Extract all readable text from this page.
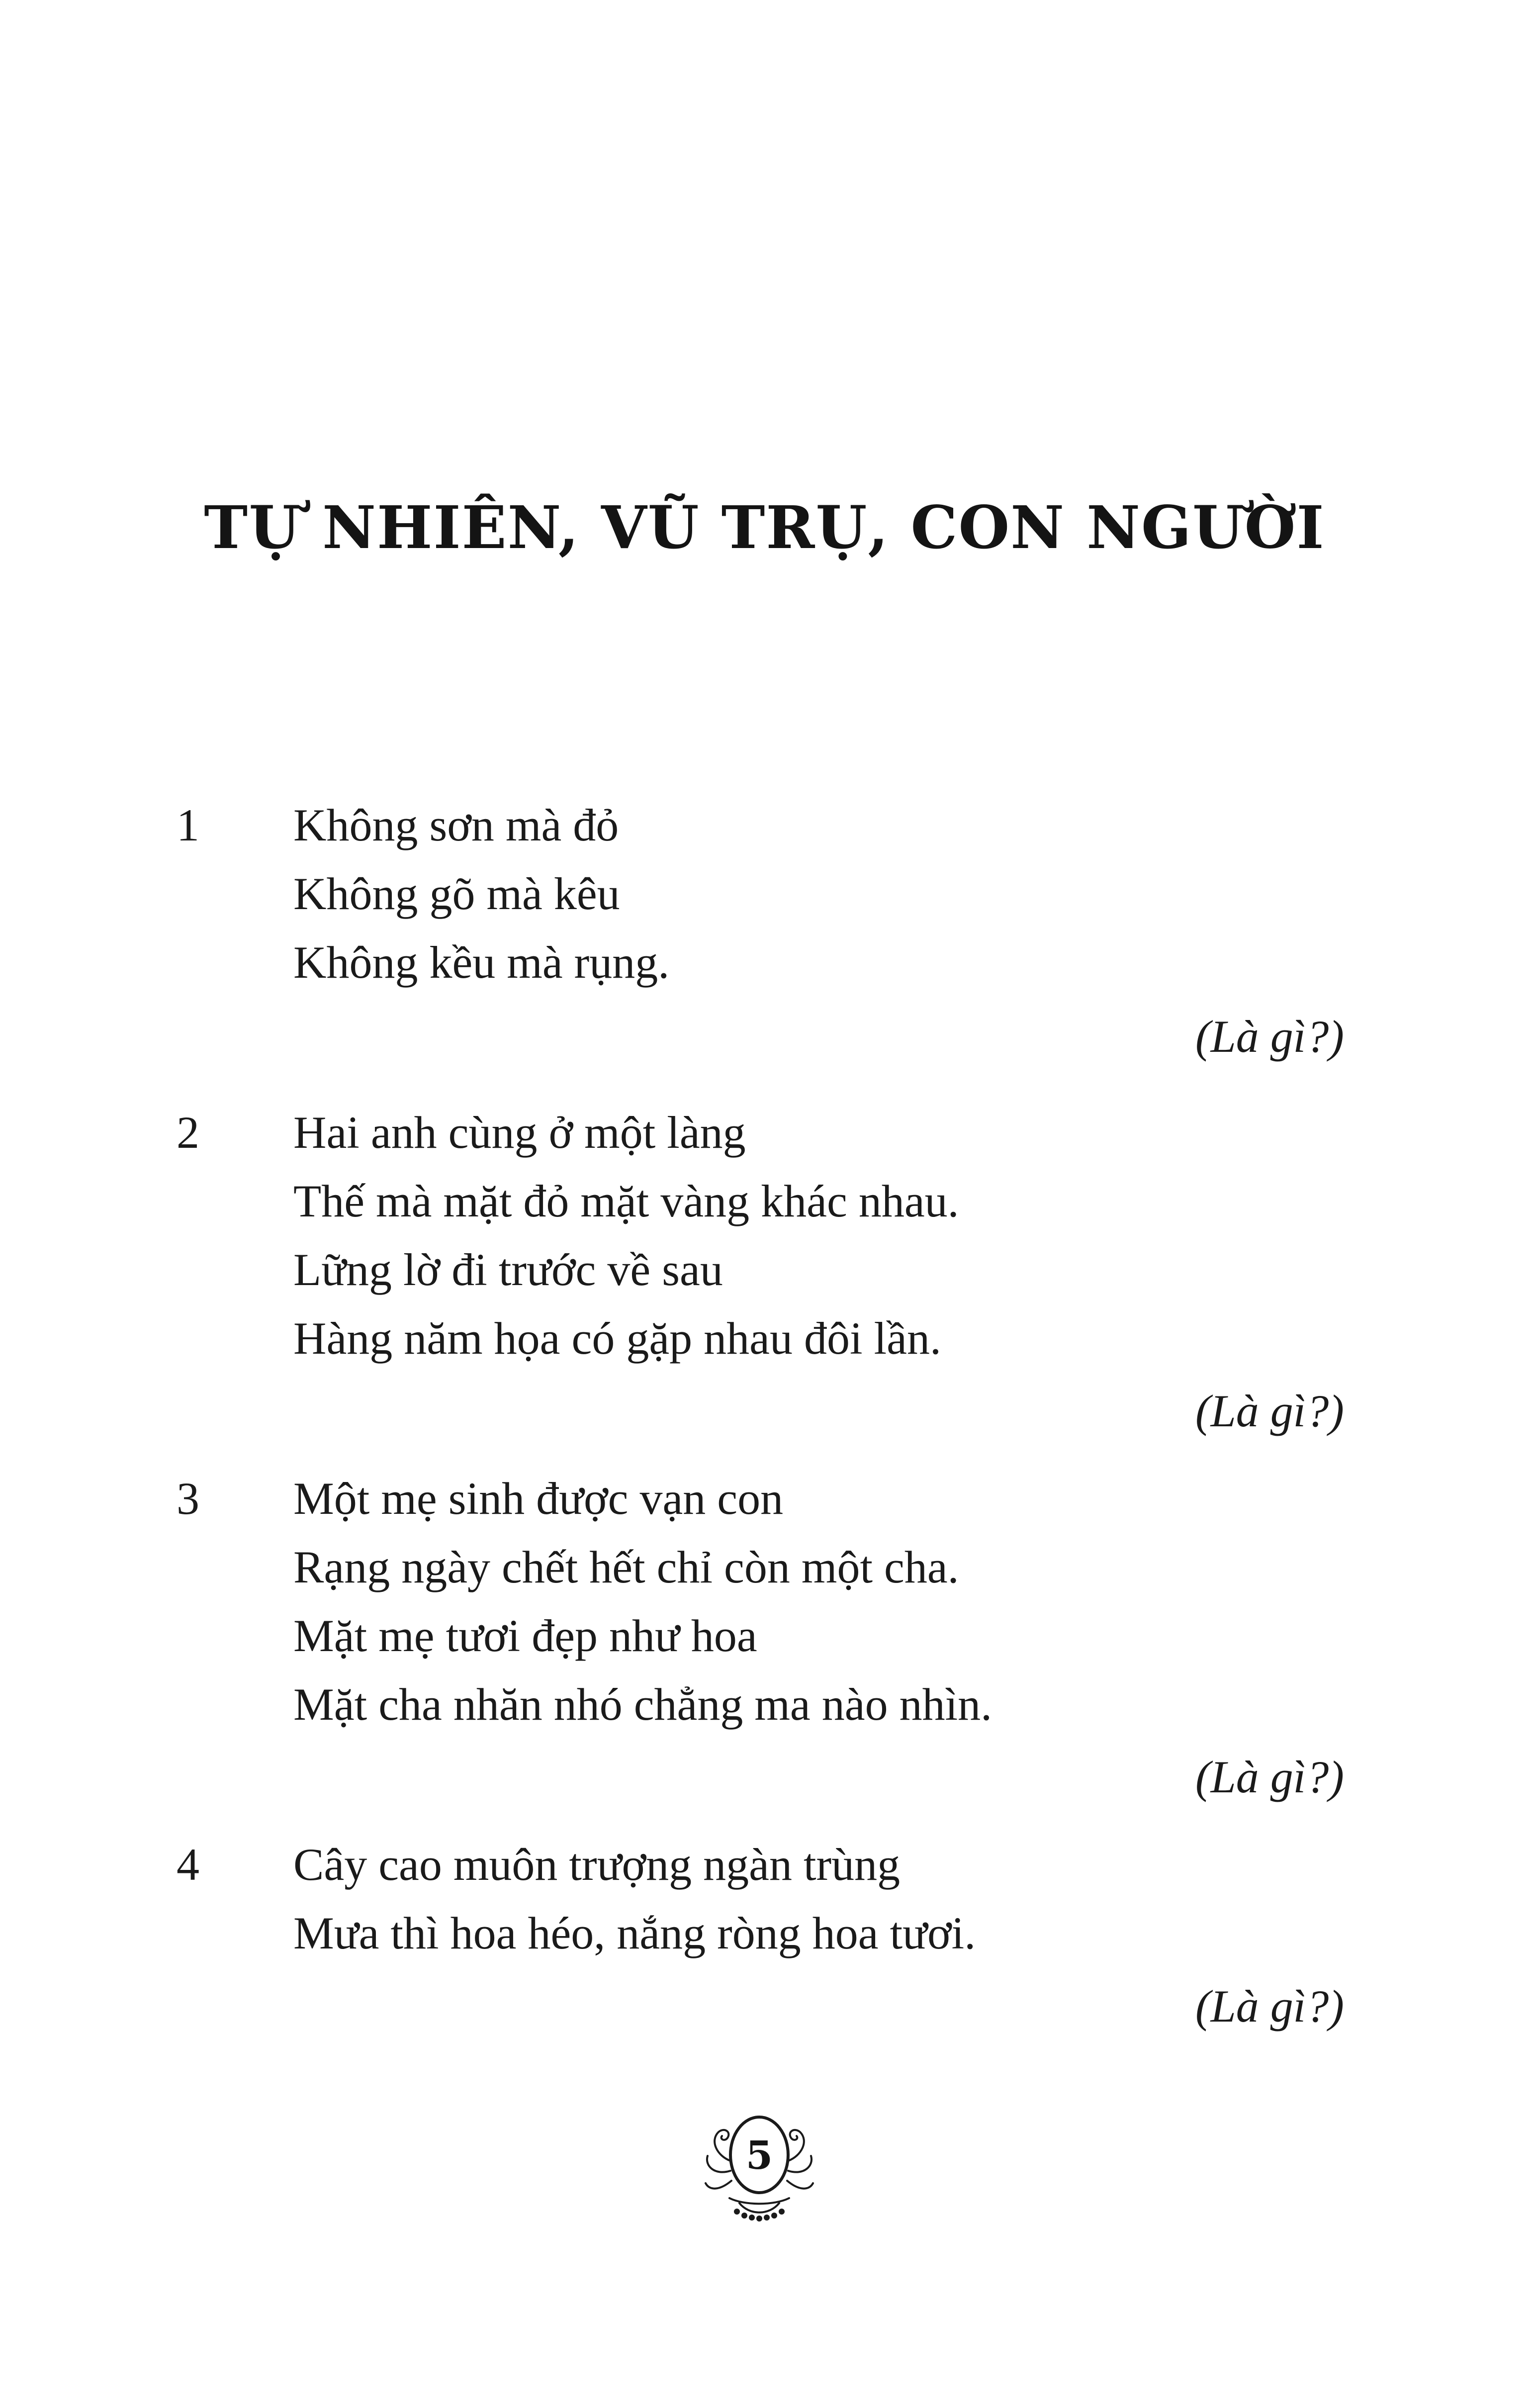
TỰ NHIÊN, VŨ TRỤ, CON NGƯỜI
1 Không sơn mà đỏ
Không gõ mà kêu
Không kều mà rụng.
(Là gì?)
2 Hai anh cùng ở một làng
Thế mà mặt đỏ mặt vàng khác nhau.
Lững lờ đi trước về sau
Hàng năm họa có gặp nhau đôi lần.
(Là gì?)
3 Một mẹ sinh được vạn con
Rạng ngày chết hết chỉ còn một cha.
Mặt mẹ tươi đẹp như hoa
Mặt cha nhăn nhó chẳng ma nào nhìn.
(Là gì?)
4 Cây cao muôn trượng ngàn trùng
Mưa thì hoa héo, nắng ròng hoa tươi.
(Là gì?)
5
